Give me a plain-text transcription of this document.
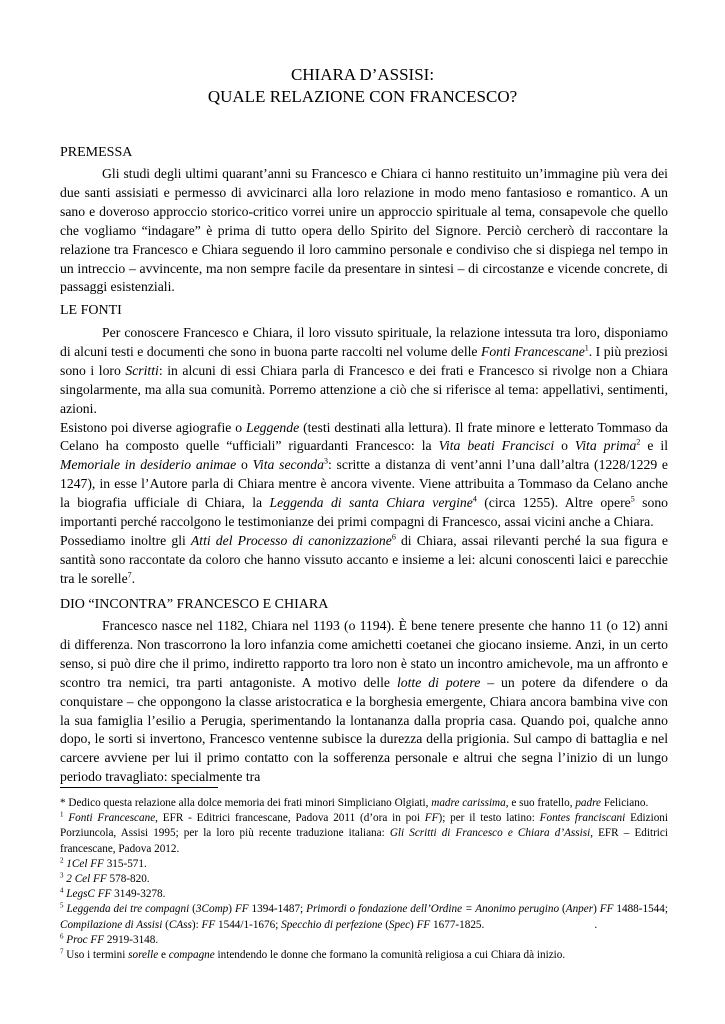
CHIARA D’ASSISI:
QUALE RELAZIONE CON FRANCESCO?
PREMESSA

Gli studi degli ultimi quarant’anni su Francesco e Chiara ci hanno restituito un’immagine più vera dei due santi assisiati e permesso di avvicinarci alla loro relazione in modo meno fantasioso e romantico. A un sano e doveroso approccio storico-critico vorrei unire un approccio spirituale al tema, consapevole che quello che vogliamo “indagare” è prima di tutto opera dello Spirito del Signore. Perciò cercherò di raccontare la relazione tra Francesco e Chiara seguendo il loro cammino personale e condiviso che si dispiega nel tempo in un intreccio – avvincente, ma non sempre facile da presentare in sintesi – di circostanze e vicende concrete, di passaggi esistenziali.

LE FONTI

Per conoscere Francesco e Chiara, il loro vissuto spirituale, la relazione intessuta tra loro, disponiamo di alcuni testi e documenti che sono in buona parte raccolti nel volume delle Fonti Francescane$^1$. I più preziosi sono i loro Scritti: in alcuni di essi Chiara parla di Francesco e dei frati e Francesco si rivolge non a Chiara singolarmente, ma alla sua comunità. Porremo attenzione a ciò che si riferisce al tema: appellativi, sentimenti, azioni.

Esistono poi diverse agiografie o Leggende (testi destinati alla lettura). Il frate minore e letterato Tommaso da Celano ha composto quelle “ufficiali” riguardanti Francesco: la Vita beati Francisci o Vita prima$^2$ e il Memoriale in desiderio animae o Vita seconda$^3$: scritte a distanza di vent’anni l’una dall’altra (1228/1229 e 1247), in esse l’Autore parla di Chiara mentre è ancora vivente. Viene attribuita a Tommaso da Celano anche la biografia ufficiale di Chiara, la Leggenda di santa Chiara vergine$^4$ (circa 1255). Altre opere$^5$ sono importanti perché raccolgono le testimonianze dei primi compagni di Francesco, assai vicini anche a Chiara.

Possediamo inoltre gli Atti del Processo di canonizzazione$^6$ di Chiara, assai rilevanti perché la sua figura e santità sono raccontate da coloro che hanno vissuto accanto e insieme a lei: alcuni conoscenti laici e parecchie tra le sorelle$^7$.

DIO “INCONTRA” FRANCESCO E CHIARA

Francesco nasce nel 1182, Chiara nel 1193 (o 1194). È bene tenere presente che hanno 11 (o 12) anni di differenza. Non trascorrono la loro infanzia come amichetti coetanei che giocano insieme. Anzi, in un certo senso, si può dire che il primo, indiretto rapporto tra loro non è stato un incontro amichevole, ma un affronto e scontro tra nemici, tra parti antagoniste. A motivo delle lotte di potere – un potere da difendere o da conquistare – che oppongono la classe aristocratica e la borghesia emergente, Chiara ancora bambina vive con la sua famiglia l’esilio a Perugia, sperimentando la lontananza dalla propria casa. Quando poi, qualche anno dopo, le sorti si invertono, Francesco ventenne subisce la durezza della prigionia. Sul campo di battaglia e nel carcere avviene per lui il primo contatto con la sofferenza personale e altrui che segna l’inizio di un lungo periodo travagliato: specialmente tra

* Dedico questa relazione alla dolce memoria dei frati minori Simpliciano Olgiati, madre carissima, e suo fratello, padre Feliciano.

$^1$ Fonti Francescane, EFR - Editrici francescane, Padova 2011 (d’ora in poi FF); per il testo latino: Fontes franciscani Edizioni Porziuncola, Assisi 1995; per la loro più recente traduzione italiana: Gli Scritti di Francesco e Chiara d’Assisi, EFR – Editrici francescane, Padova 2012.

$^2$ 1Cel FF 315-571.

$^3$ 2 Cel FF 578-820.

$^4$ LegsC FF 3149-3278.

$^5$ Leggenda dei tre compagni (3Comp) FF 1394-1487; Primordi o fondazione dell’Ordine = Anonimo perugino (Anper) FF 1488-1544; Compilazione di Assisi (CAss): FF 1544/1-1676; Specchio di perfezione (Spec) FF 1677-1825.	.

$^6$ Proc FF 2919-3148.

$^7$ Uso i termini sorelle e compagne intendendo le donne che formano la comunità religiosa a cui Chiara dà inizio.
